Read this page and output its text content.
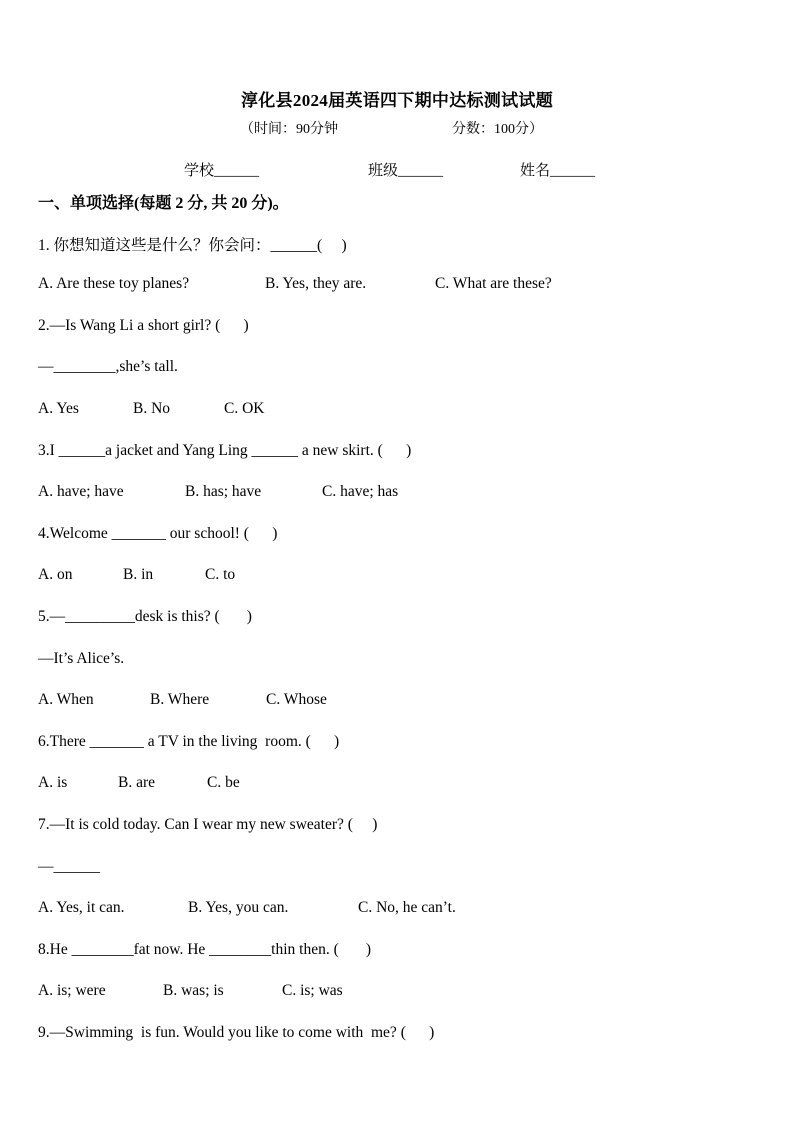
淳化县2024届英语四下期中达标测试试题
（时间：90分钟	分数：100分）
学校______	班级______	姓名______
一、单项选择(每题 2 分, 共 20 分)。
1. 你想知道这些是什么？你会问：______(     )
A. Are these toy planes?	B. Yes, they are.	C. What are these?
2.—Is Wang Li a short girl? (      )
—________,she’s tall.
A. Yes	B. No	C. OK
3.I ______a jacket and Yang Ling ______ a new skirt. (      )
A. have; have	B. has; have	C. have; has
4.Welcome _______ our school! (      )
A. on	B. in	C. to
5.—_________desk is this? (       )
—It’s Alice’s.
A. When	B. Where	C. Whose
6.There _______ a TV in the living  room. (      )
A. is	B. are	C. be
7.—It is cold today. Can I wear my new sweater? (     )
—______
A. Yes, it can.	B. Yes, you can.	C. No, he can’t.
8.He ________fat now. He ________thin then. (       )
A. is; were	B. was; is	C. is; was
9.—Swimming  is fun. Would you like to come with  me? (      )
